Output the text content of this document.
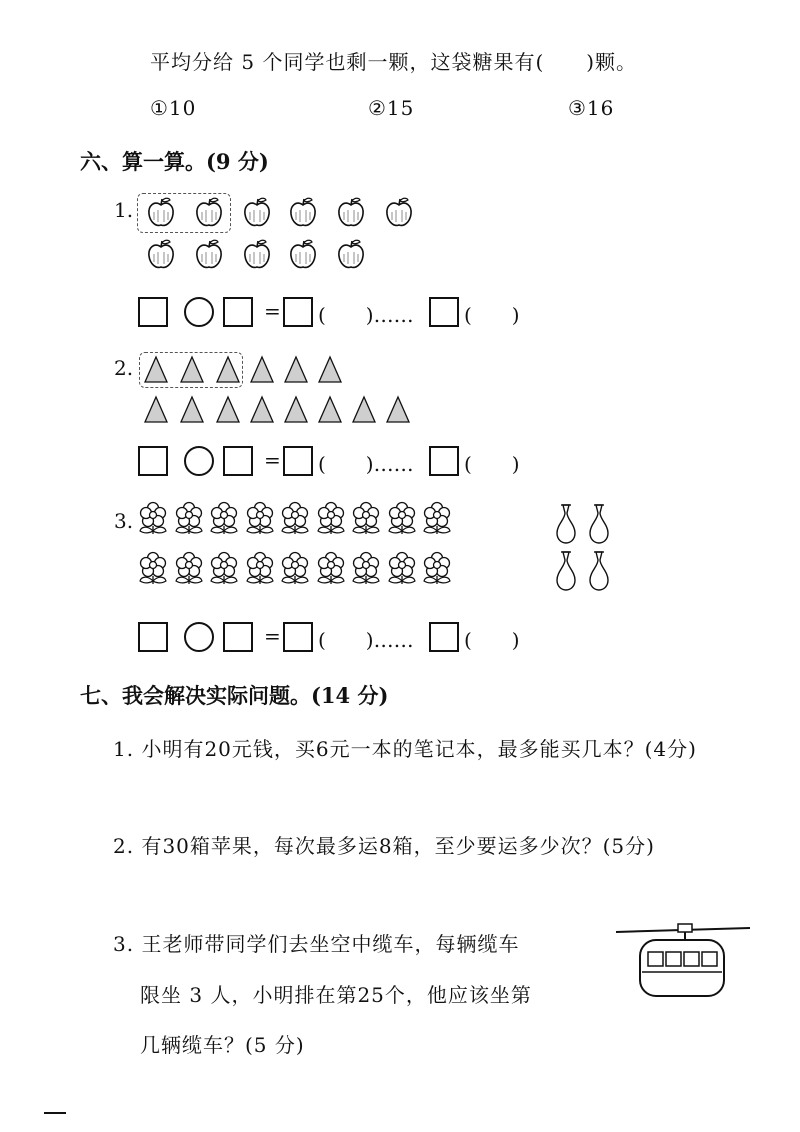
平均分给 5 个同学也剩一颗，这袋糖果有(　　)颗。
①10	②15	③16
六、算一算。(9 分)
1.
= (　　)……	(　　)
2.
= (　　)……	(　　)
3.
= (　　)……	(　　)
七、我会解决实际问题。(14 分)
1. 小明有20元钱，买6元一本的笔记本，最多能买几本？(4分)
2. 有30箱苹果，每次最多运8箱，至少要运多少次？(5分)
3. 王老师带同学们去坐空中缆车，每辆缆车
限坐 3 人，小明排在第25个，他应该坐第
几辆缆车？(5 分)
